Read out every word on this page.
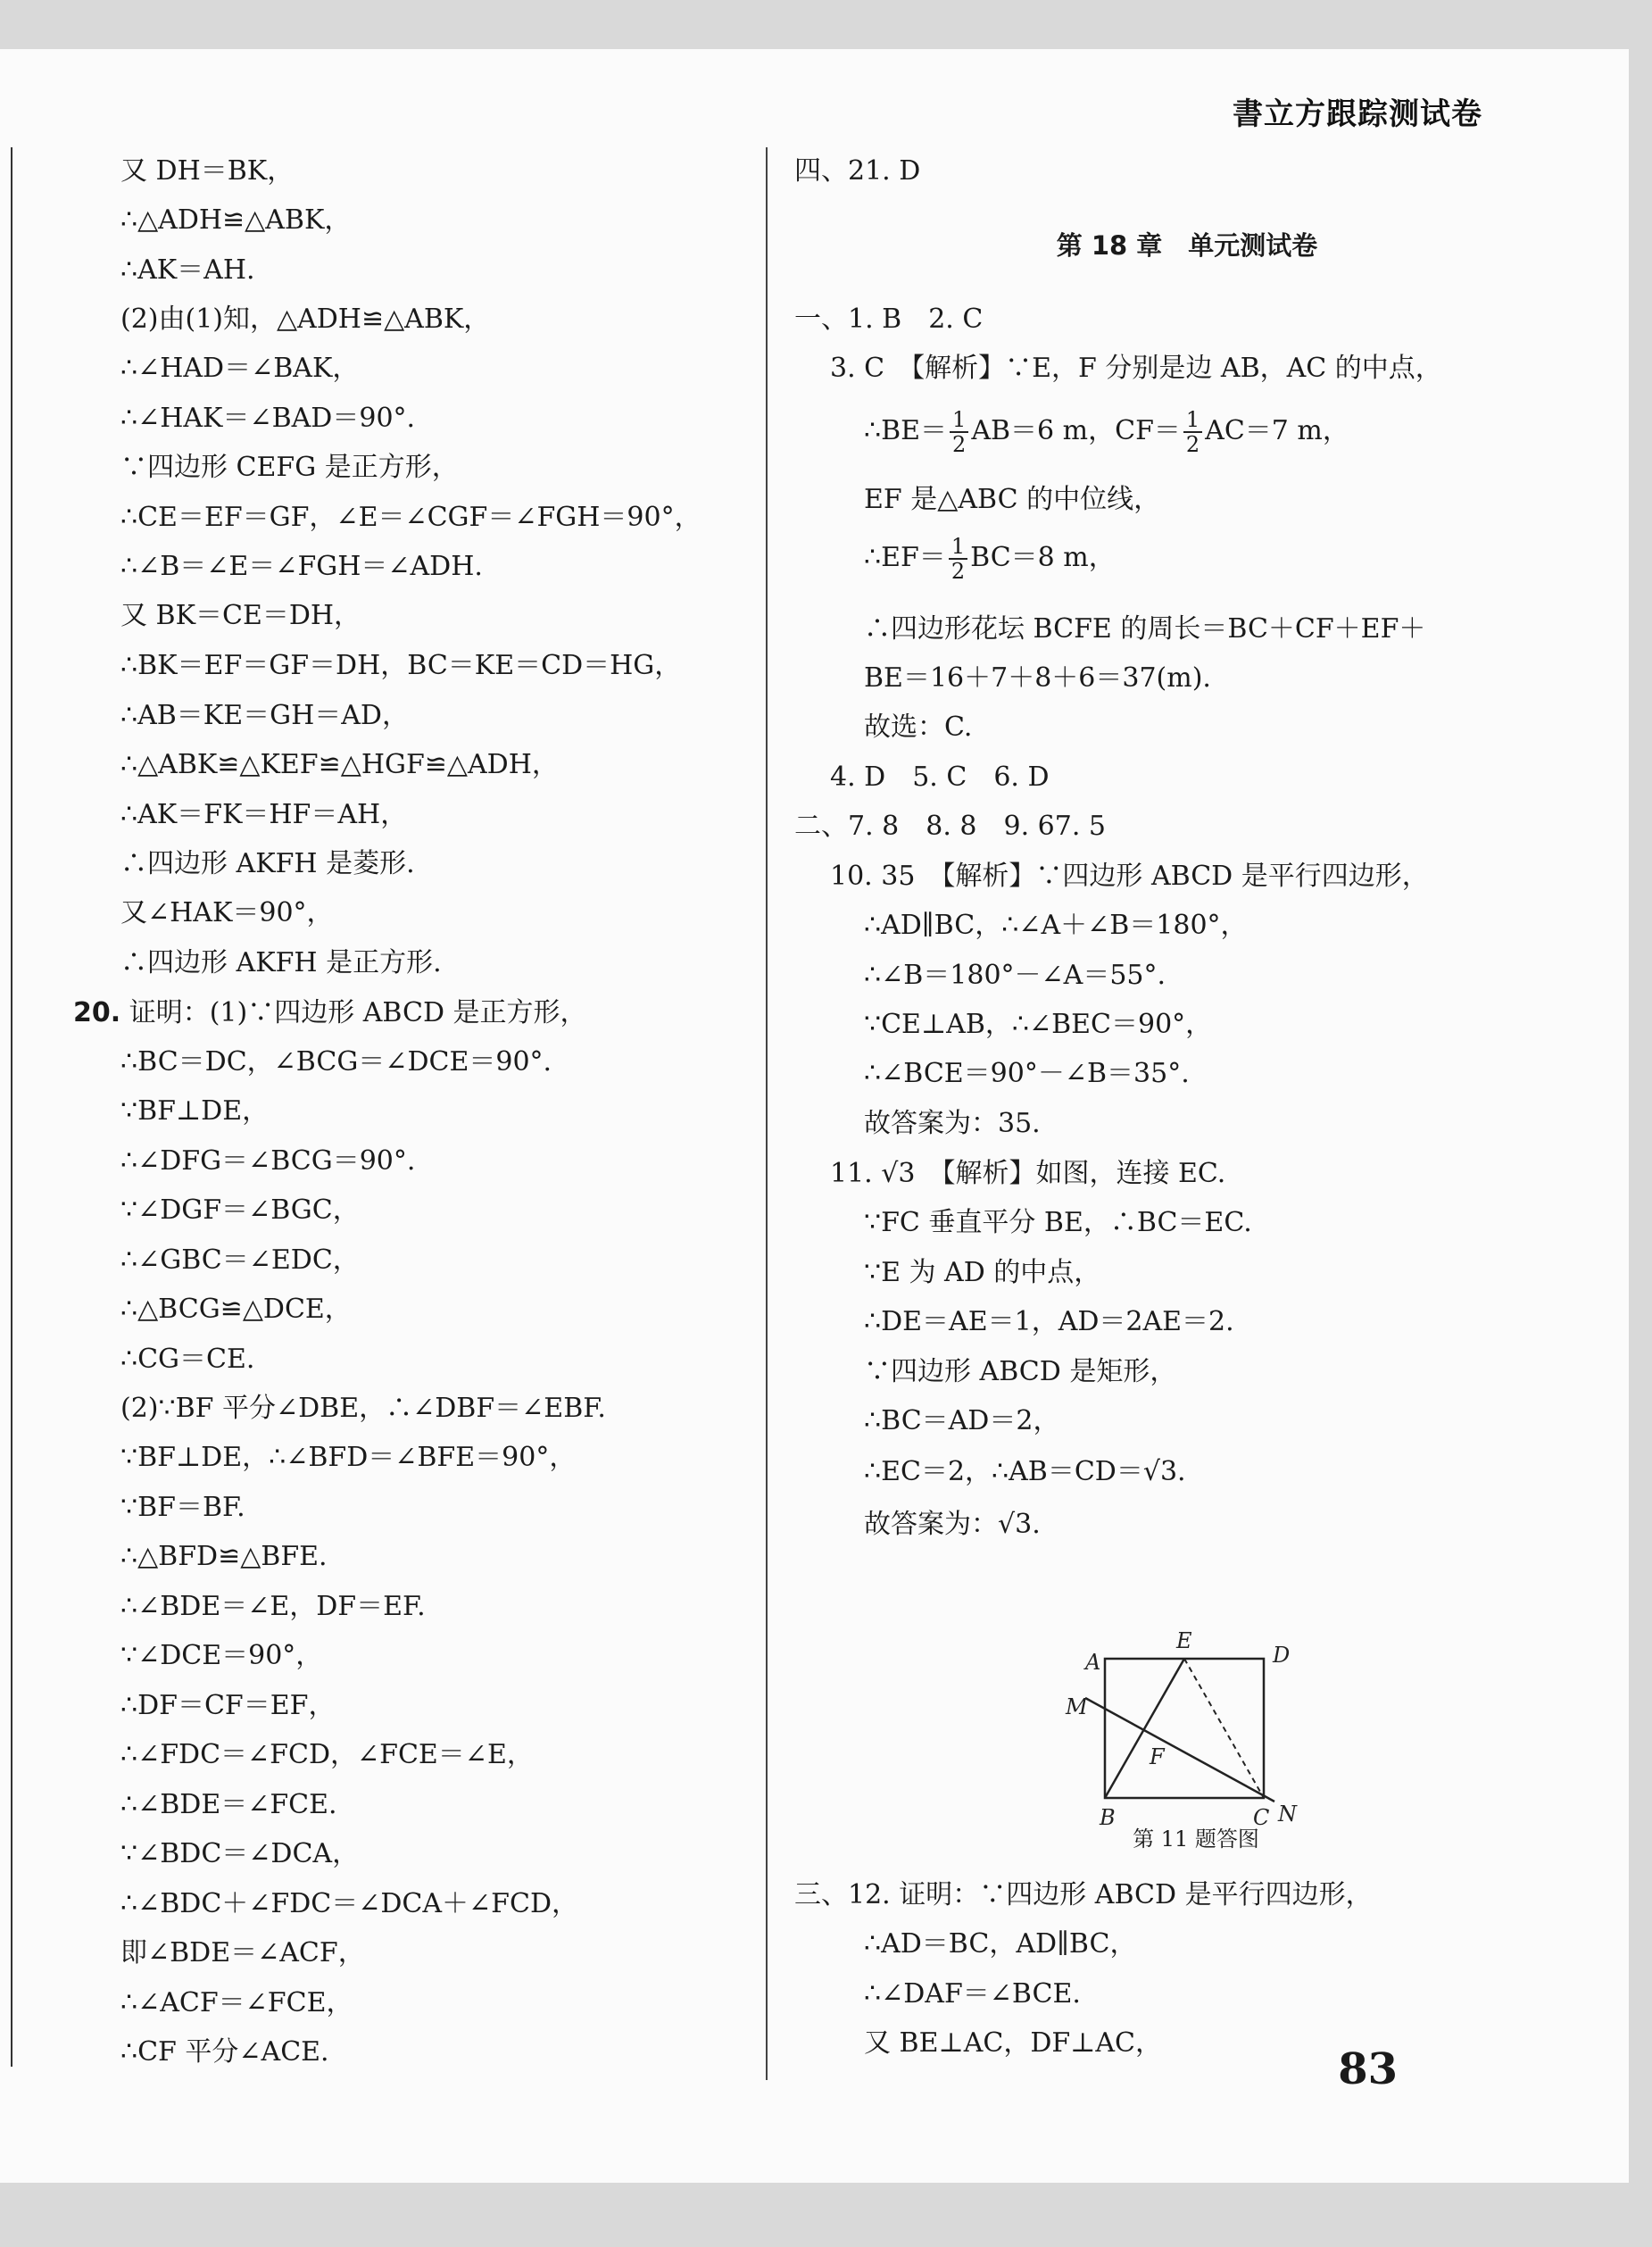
書立方跟踪测试卷
又 DH＝BK，
∴△ADH≌△ABK，
∴AK＝AH.
(2)由(1)知，△ADH≌△ABK，
∴∠HAD＝∠BAK，
∴∠HAK＝∠BAD＝90°.
∵四边形 CEFG 是正方形，
∴CE＝EF＝GF，∠E＝∠CGF＝∠FGH＝90°，
∴∠B＝∠E＝∠FGH＝∠ADH.
又 BK＝CE＝DH，
∴BK＝EF＝GF＝DH，BC＝KE＝CD＝HG，
∴AB＝KE＝GH＝AD，
∴△ABK≌△KEF≌△HGF≌△ADH，
∴AK＝FK＝HF＝AH，
∴四边形 AKFH 是菱形.
又∠HAK＝90°，
∴四边形 AKFH 是正方形.
20. 证明：(1)∵四边形 ABCD 是正方形，
∴BC＝DC，∠BCG＝∠DCE＝90°.
∵BF⊥DE，
∴∠DFG＝∠BCG＝90°.
∵∠DGF＝∠BGC，
∴∠GBC＝∠EDC，
∴△BCG≌△DCE，
∴CG＝CE.
(2)∵BF 平分∠DBE，∴∠DBF＝∠EBF.
∵BF⊥DE，∴∠BFD＝∠BFE＝90°，
∵BF＝BF.
∴△BFD≌△BFE.
∴∠BDE＝∠E，DF＝EF.
∵∠DCE＝90°，
∴DF＝CF＝EF，
∴∠FDC＝∠FCD，∠FCE＝∠E，
∴∠BDE＝∠FCE.
∵∠BDC＝∠DCA，
∴∠BDC＋∠FDC＝∠DCA＋∠FCD，
即∠BDE＝∠ACF，
∴∠ACF＝∠FCE，
∴CF 平分∠ACE.
四、21. D
第 18 章　单元测试卷
一、1. B　2. C
3. C　【解析】∵E，F 分别是边 AB，AC 的中点，
∴BE＝ $\frac{1}{2} AB=6$ m，$CF= \frac{1}{2} AC=7$ m，
EF 是△ABC 的中位线，
∴EF＝ $\frac{1}{2} BC=8$ m，
∴四边形花坛 BCFE 的周长＝BC＋CF＋EF＋
BE＝16＋7＋8＋6＝37(m).
故选：C.
4. D　5. C　6. D
二、7. 8　8. 8　9. 67. 5
10. 35　【解析】∵四边形 ABCD 是平行四边形，
∴AD∥BC，∴∠A＋∠B＝180°，
∴∠B＝180°－∠A＝55°.
∵CE⊥AB，∴∠BEC＝90°，
∴∠BCE＝90°－∠B＝35°.
故答案为：35.
11. √3　【解析】如图，连接 EC.
∵FC 垂直平分 BE，∴BC＝EC.
∵E 为 AD 的中点，
∴DE＝AE＝1，AD＝2AE＝2.
∵四边形 ABCD 是矩形，
∴BC＝AD＝2，
∴EC＝2，∴AB＝CD＝√3.
故答案为：√3.
A
E
D
M
F
B	C N
第 11 题答图
三、12. 证明：∵四边形 ABCD 是平行四边形，
∴AD＝BC，AD∥BC，
∴∠DAF＝∠BCE.
又 BE⊥AC，DF⊥AC，
83
